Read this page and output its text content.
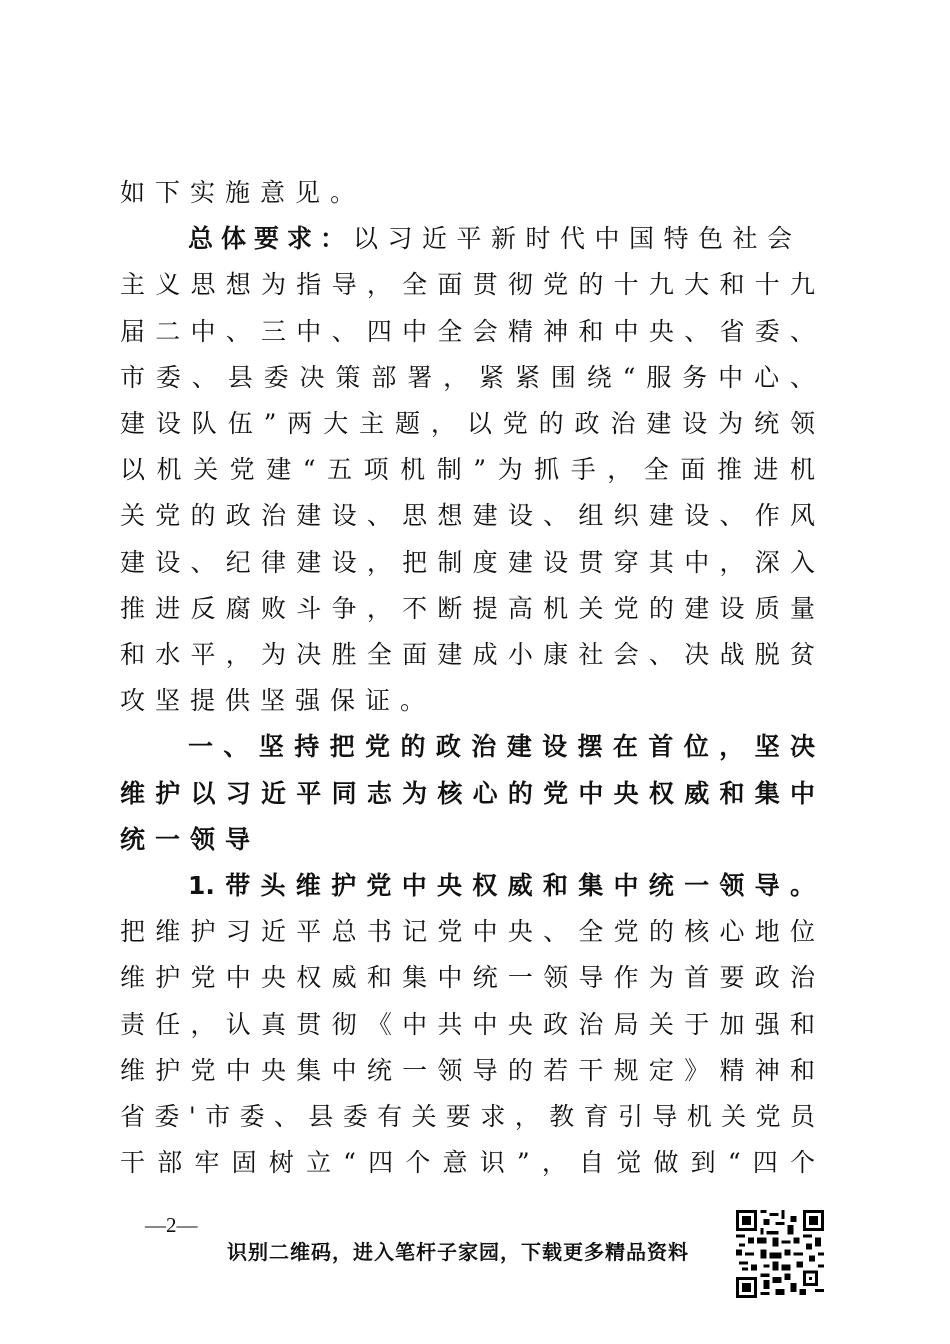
如下实施意见。
总体要求：以习近平新时代中国特色社会
主义思想为指导，全面贯彻党的十九大和十九
届二中、三中、四中全会精神和中央、省委、
市委、县委决策部署，紧紧围绕“服务中心、
建设队伍”两大主题，以党的政治建设为统领
以机关党建“五项机制”为抓手，全面推进机
关党的政治建设、思想建设、组织建设、作风
建设、纪律建设，把制度建设贯穿其中，深入
推进反腐败斗争，不断提高机关党的建设质量
和水平，为决胜全面建成小康社会、决战脱贫
攻坚提供坚强保证。
一、坚持把党的政治建设摆在首位，坚决
维护以习近平同志为核心的党中央权威和集中
统一领导
1.带头维护党中央权威和集中统一领导。
把维护习近平总书记党中央、全党的核心地位
维护党中央权威和集中统一领导作为首要政治
责任，认真贯彻《中共中央政治局关于加强和
维护党中央集中统一领导的若干规定》精神和
省委'市委、县委有关要求，教育引导机关党员
干部牢固树立“四个意识”，自觉做到“四个
—2—
识别二维码，进入笔杆子家园，下载更多精品资料
